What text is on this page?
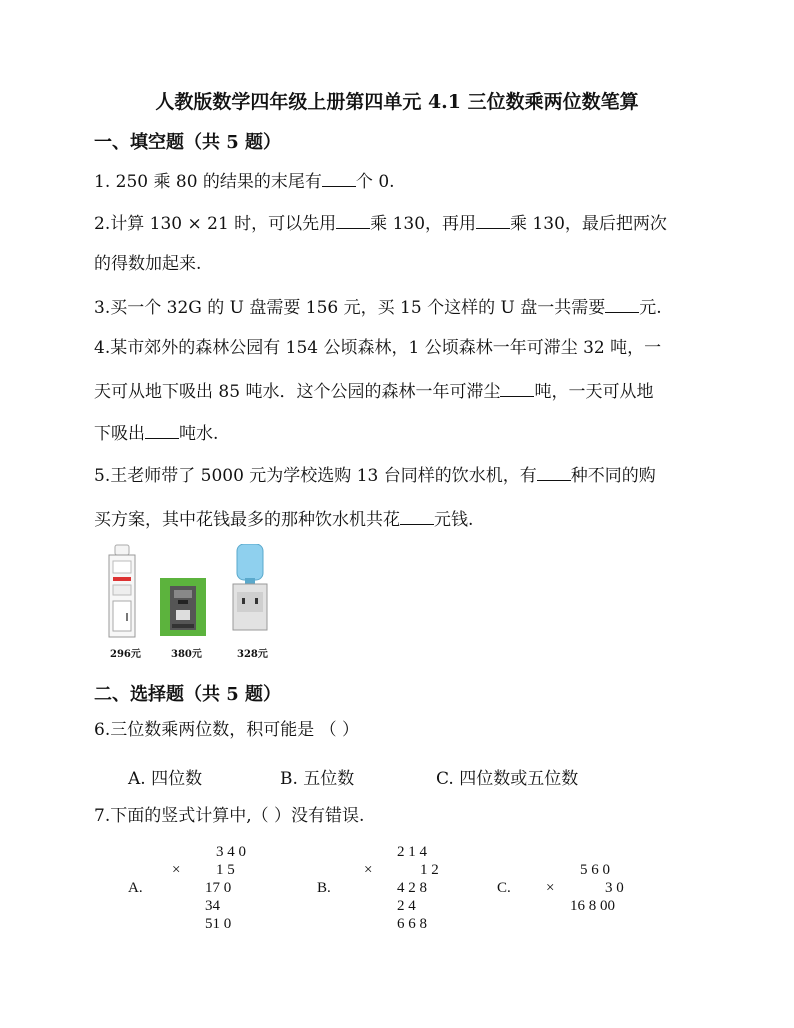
人教版数学四年级上册第四单元 4.1 三位数乘两位数笔算
一、填空题（共 5 题）
1. 250 乘 80 的结果的末尾有 个 0.
2.计算 130 × 21 时，可以先用 乘 130，再用 乘 130，最后把两次
的得数加起来.
3.买一个 32G 的 U 盘需要 156 元，买 15 个这样的 U 盘一共需要 元.
4.某市郊外的森林公园有 154 公顷森林，1 公顷森林一年可滞尘 32 吨，一
天可从地下吸出 85 吨水．这个公园的森林一年可滞尘 吨，一天可从地
下吸出 吨水.
5.王老师带了 5000 元为学校选购 13 台同样的饮水机，有 种不同的购
买方案，其中花钱最多的那种饮水机共花 元钱.
296元	380元	328元
二、选择题（共 5 题）
6.三位数乘两位数，积可能是 （ ）
A. 四位数	B. 五位数	C. 四位数或五位数
7.下面的竖式计算中,（ ）没有错误.
A.
×
3 4 0
1 5
17 0
34
51 0
B.
×
2 1 4
1 2
4 2 8
2 4
6 6 8
C. ×
5 6 0
3 0
16 8 00
